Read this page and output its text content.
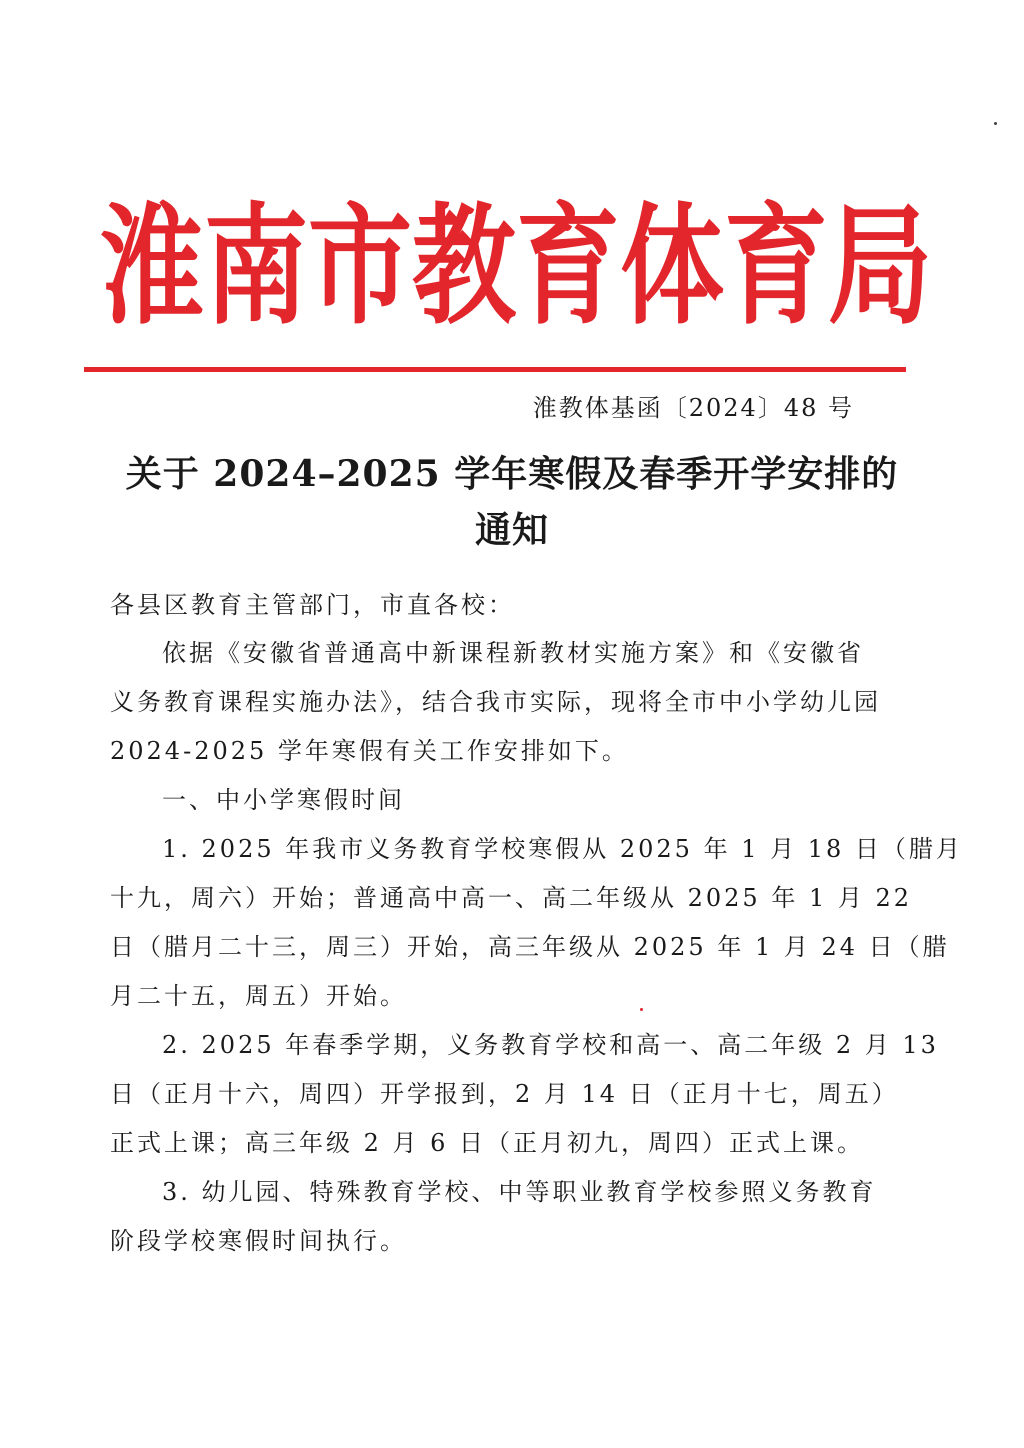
淮南市教育体育局
淮教体基函〔2024〕48 号
关于 2024–2025 学年寒假及春季开学安排的
通知
各县区教育主管部门，市直各校：
依据《安徽省普通高中新课程新教材实施方案》和《安徽省
义务教育课程实施办法》，结合我市实际，现将全市中小学幼儿园
2024-2025 学年寒假有关工作安排如下。
一、中小学寒假时间
1. 2025 年我市义务教育学校寒假从 2025 年 1 月 18 日（腊月
十九，周六）开始；普通高中高一、高二年级从 2025 年 1 月 22
日（腊月二十三，周三）开始，高三年级从 2025 年 1 月 24 日（腊
月二十五，周五）开始。
2. 2025 年春季学期，义务教育学校和高一、高二年级 2 月 13
日（正月十六，周四）开学报到，2 月 14 日（正月十七，周五）
正式上课；高三年级 2 月 6 日（正月初九，周四）正式上课。
3. 幼儿园、特殊教育学校、中等职业教育学校参照义务教育
阶段学校寒假时间执行。
